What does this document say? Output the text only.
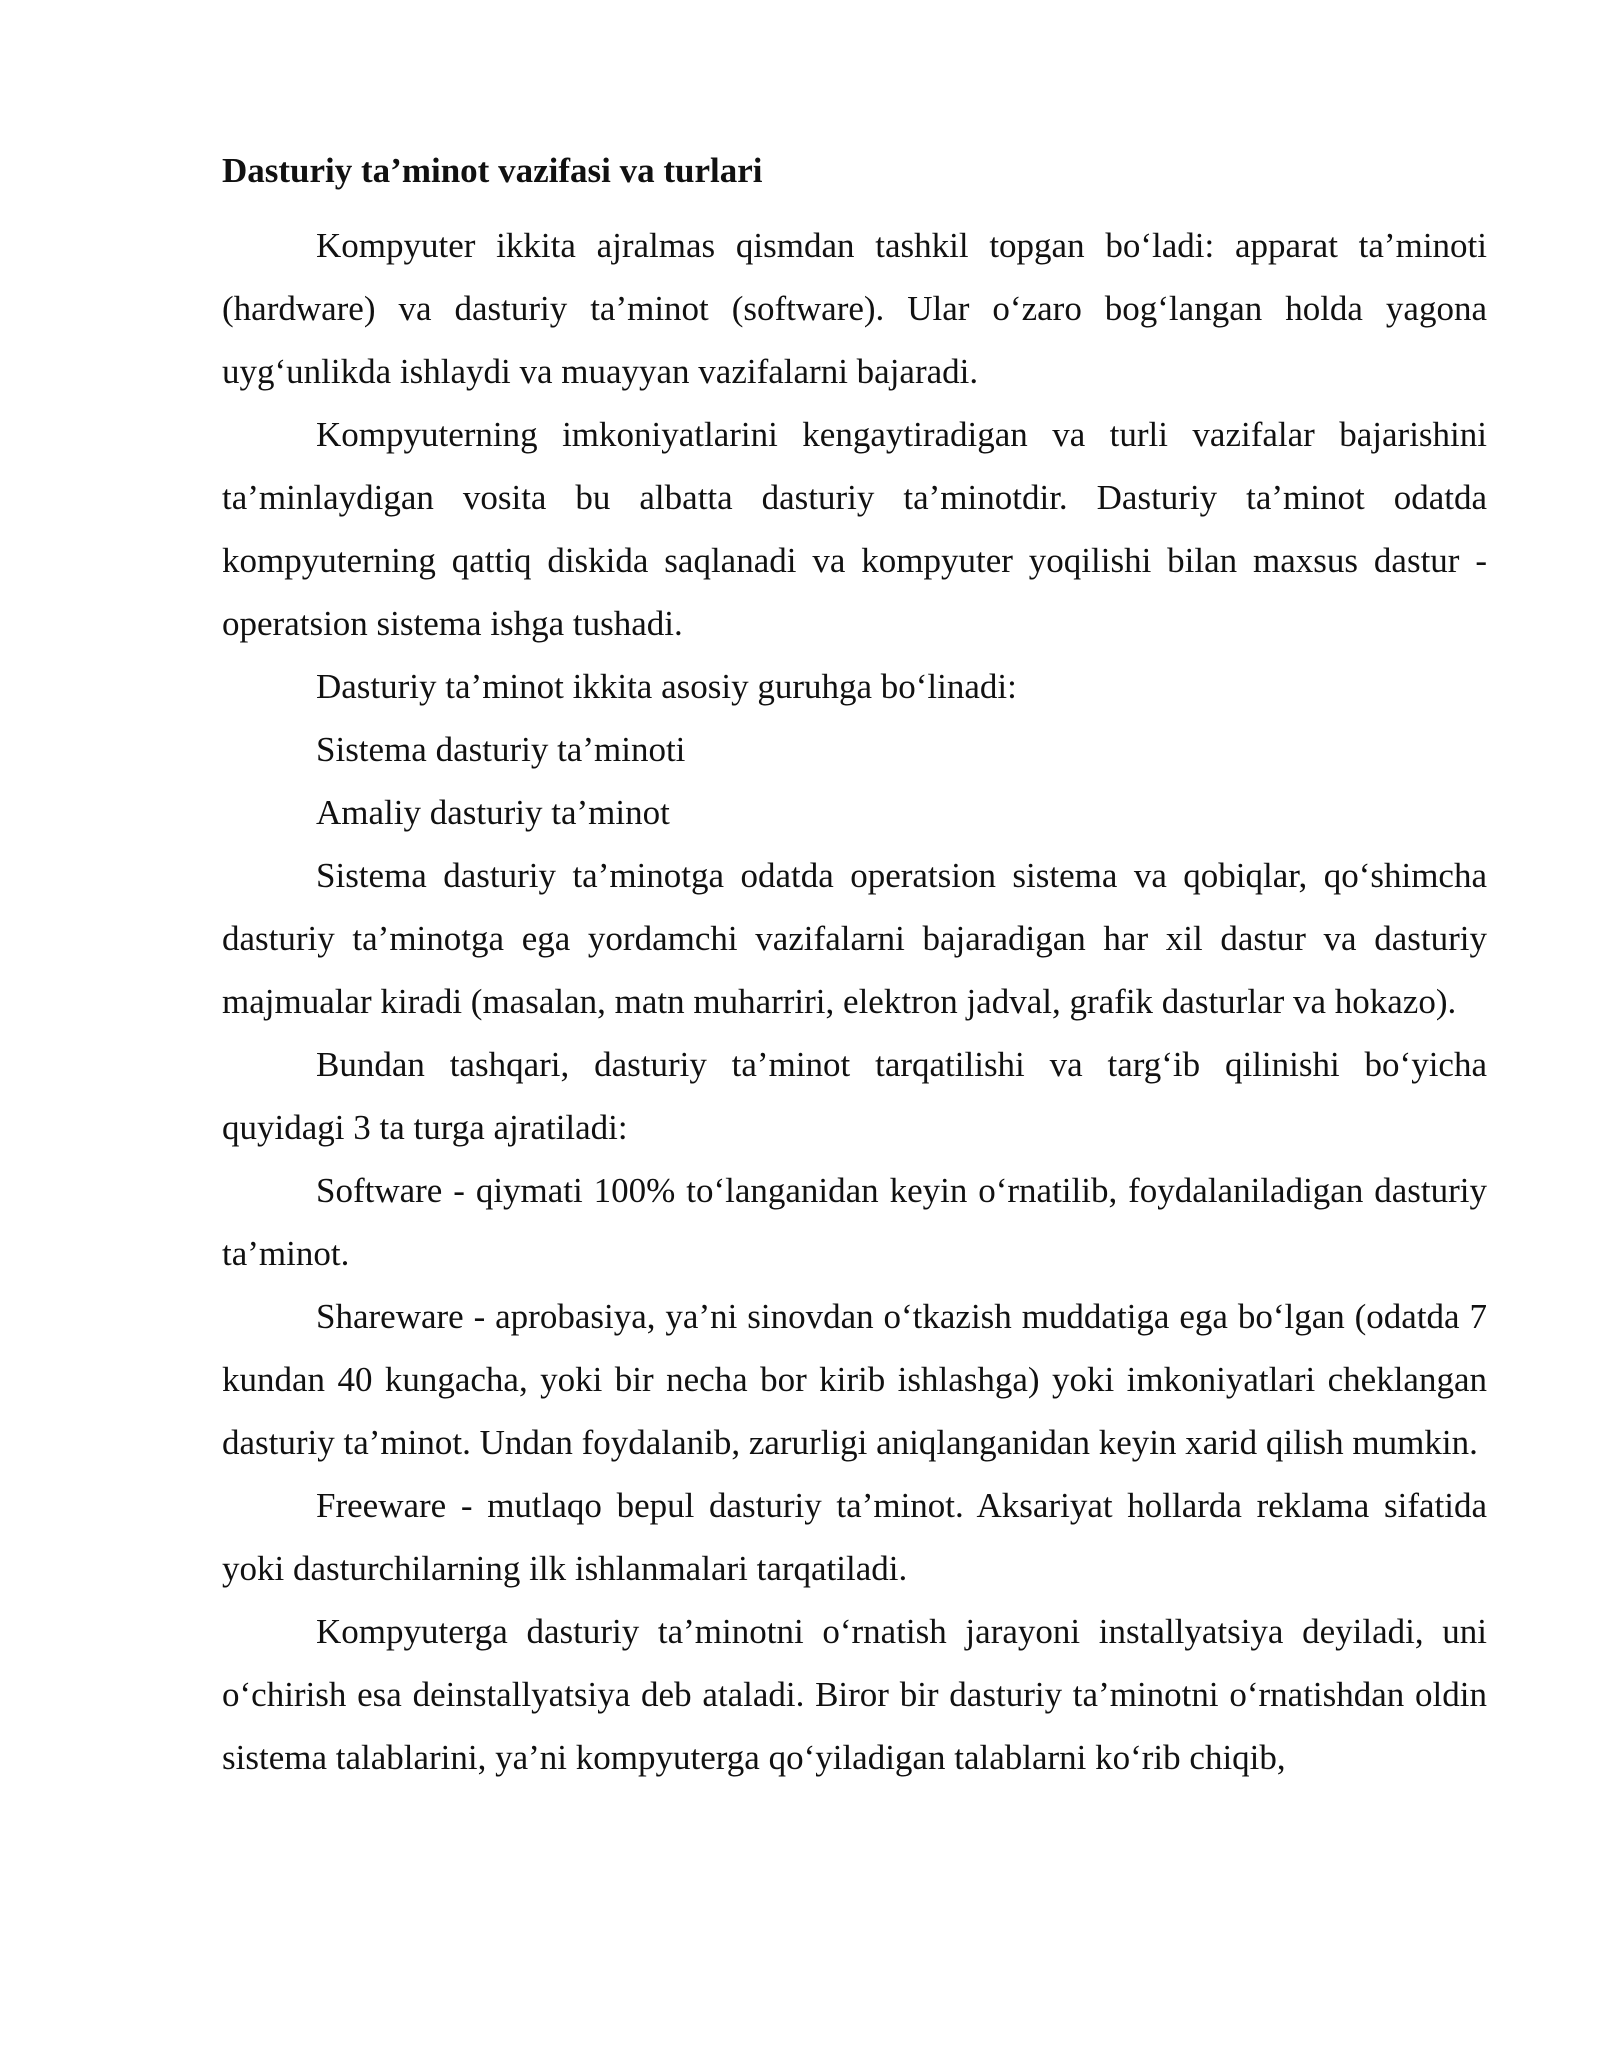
Dasturiy ta’minot vazifasi va turlari

Kompyuter ikkita ajralmas qismdan tashkil topgan bo‘ladi: apparat ta’minoti (hardware) va dasturiy ta’minot (software). Ular o‘zaro bog‘langan holda yagona uyg‘unlikda ishlaydi va muayyan vazifalarni bajaradi.

Kompyuterning imkoniyatlarini kengaytiradigan va turli vazifalar bajarishini ta’minlaydigan vosita bu albatta dasturiy ta’minotdir. Dasturiy ta’minot odatda kompyuterning qattiq diskida saqlanadi va kompyuter yoqilishi bilan maxsus dastur - operatsion sistema ishga tushadi.

Dasturiy ta’minot ikkita asosiy guruhga bo‘linadi:

Sistema dasturiy ta’minoti

Amaliy dasturiy ta’minot

Sistema dasturiy ta’minotga odatda operatsion sistema va qobiqlar, qo‘shimcha dasturiy ta’minotga ega yordamchi vazifalarni bajaradigan har xil dastur va dasturiy majmualar kiradi (masalan, matn muharriri, elektron jadval, grafik dasturlar va hokazo).

Bundan tashqari, dasturiy ta’minot tarqatilishi va targ‘ib qilinishi bo‘yicha quyidagi 3 ta turga ajratiladi:

Software - qiymati 100% to‘langanidan keyin o‘rnatilib, foydalaniladigan dasturiy ta’minot.

Shareware - aprobasiya, ya’ni sinovdan o‘tkazish muddatiga ega bo‘lgan (odatda 7 kundan 40 kungacha, yoki bir necha bor kirib ishlashga) yoki imkoniyatlari cheklangan dasturiy ta’minot. Undan foydalanib, zarurligi aniqlanganidan keyin xarid qilish mumkin.

Freeware - mutlaqo bepul dasturiy ta’minot. Aksariyat hollarda reklama sifatida yoki dasturchilarning ilk ishlanmalari tarqatiladi.

Kompyuterga dasturiy ta’minotni o‘rnatish jarayoni installyatsiya deyiladi, uni o‘chirish esa deinstallyatsiya deb ataladi. Biror bir dasturiy ta’minotni o‘rnatishdan oldin sistema talablarini, ya’ni kompyuterga qo‘yiladigan talablarni ko‘rib chiqib,
